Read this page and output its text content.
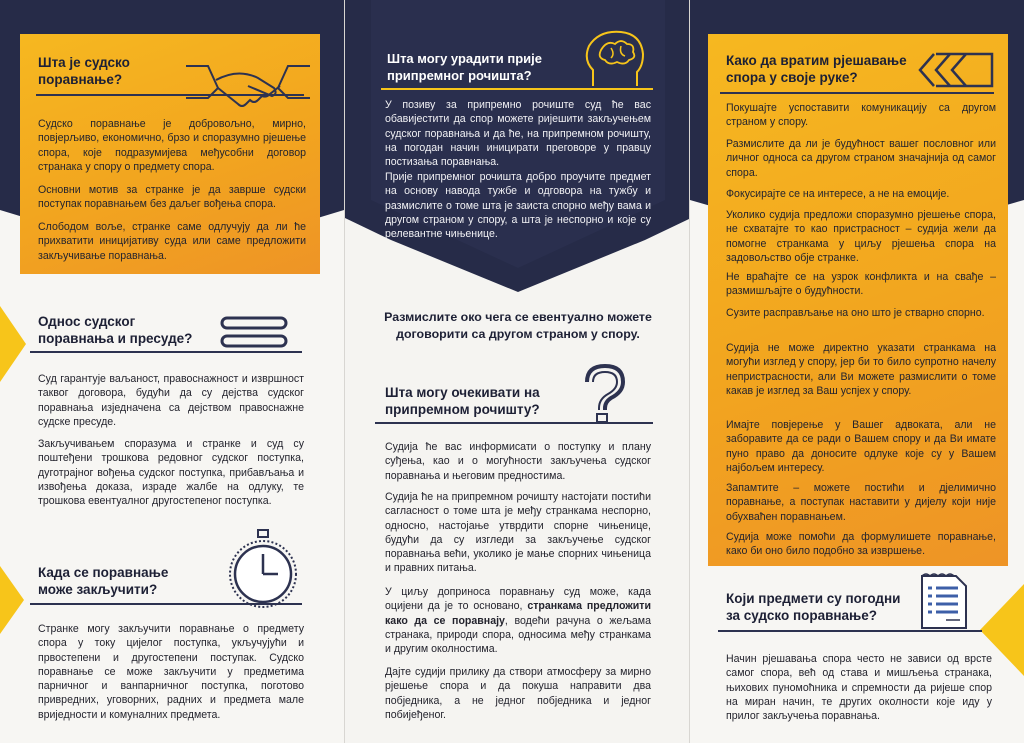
Шта је судско
поравнање?
Судско поравнање је добровољно, мирно, повјерљиво, економично, брзо и споразумно рјешење спора, које подразумијева међусобни договор странака у спору о предмету спора.
Основни мотив за странке је да заврше судски поступак поравнањем без даљег вођења спора.
Слободом воље, странке саме одлучују да ли ће прихватити иницијативу суда или саме предложити закључивање поравнања.
Однос судског
поравнања и пресуде?
Суд гарантује ваљаност, правоснажност и извршност таквог договора, будући да су дејства судског поравнања изједначена са дејством правоснажне судске пресуде.
Закључивањем споразума и странке и суд су поштеђени трошкова редовног судског поступка, дуготрајног вођења судског поступка, прибављања и извођења доказа, израде жалбе на одлуку, те трошкова евентуалног другостепеног поступка.
Када се поравнање
може закључити?
Странке могу закључити поравнање о предмету спора у току цијелог поступка, укључујући и првостепени и другостепени поступак. Судско поравнање се може закључити у предметима парничног и ванпарничног поступка, поготово привредних, уговорних, радних и предмета мале вриједности и комуналних предмета.
Шта могу урадити прије
припремног рочишта?
У позиву за припремно рочиште суд ће вас обавијестити да спор можете ријешити закључењем судског поравнања и да ће, на припремном рочишту, на погодан начин иницирати преговоре у правцу постизања поравнања.
Прије припремног рочишта добро проучите предмет на основу навода тужбе и одговора на тужбу и размислите о томе шта је заиста спорно међу вама и другом страном у спору, а шта је неспорно и које су релевантне чињенице.
Размислите око чега се евентуално можете
договорити са другом страном у спору.
Шта могу очекивати на
припремном рочишту?
Судија ће вас информисати о поступку и плану суђења, као и о могућности закључења судског поравнања и његовим предностима.
Судија ће на припремном рочишту настојати постићи сагласност о томе шта је међу странкама неспорно, односно, настојање утврдити спорне чињенице, будући да су изгледи за закључење судског поравнања већи, уколико је мање спорних чињеница и правних питања.
У циљу доприноса поравнању суд може, када оцијени да је то основано, странкама предложити како да се поравнају, водећи рачуна о жељама странака, природи спора, односима међу странкама и другим околностима.
Дајте судији прилику да створи атмосферу за мирно рјешење спора и да покуша направити два побједника, а не једног побједника и једног побијеђеног.
Како да вратим рјешавање
спора у своје руке?
Покушајте успоставити комуникацију са другом страном у спору.
Размислите да ли је будућност вашег пословног или личног односа са другом страном значајнија од самог спора.
Фокусирајте се на интересе, а не на емоције.
Уколико судија предложи споразумно рјешење спора, не схватајте то као пристрасност – судија жели да помогне странкама у циљу рјешења спора на задовољство обје странке.
Не враћајте се на узрок конфликта и на свађе – размишљајте о будућности.
Сузите расправљање на оно што је стварно спорно.
Судија не може директно указати странкама на могући изглед у спору, јер би то било супротно начелу непристрасности, али Ви можете размислити о томе какав је изглед за Ваш успјех у спору.
Имајте повјерење у Вашег адвоката, али не заборавите да се ради о Вашем спору и да Ви имате пуно право да доносите одлуке које су у Вашем најбољем интересу.
Запамтите – можете постићи и дјелимично поравнање, а поступак наставити у дијелу који није обухваћен поравнањем.
Судија може помоћи да формулишете поравнање, како би оно било подобно за извршење.
Који предмети су погодни
за судско поравнање?
Начин рјешавања спора често не зависи од врсте самог спора, већ од става и мишљења странака, њихових пуномоћника и спремности да ријеше спор на миран начин, те других околности које иду у прилог закључења поравнања.
